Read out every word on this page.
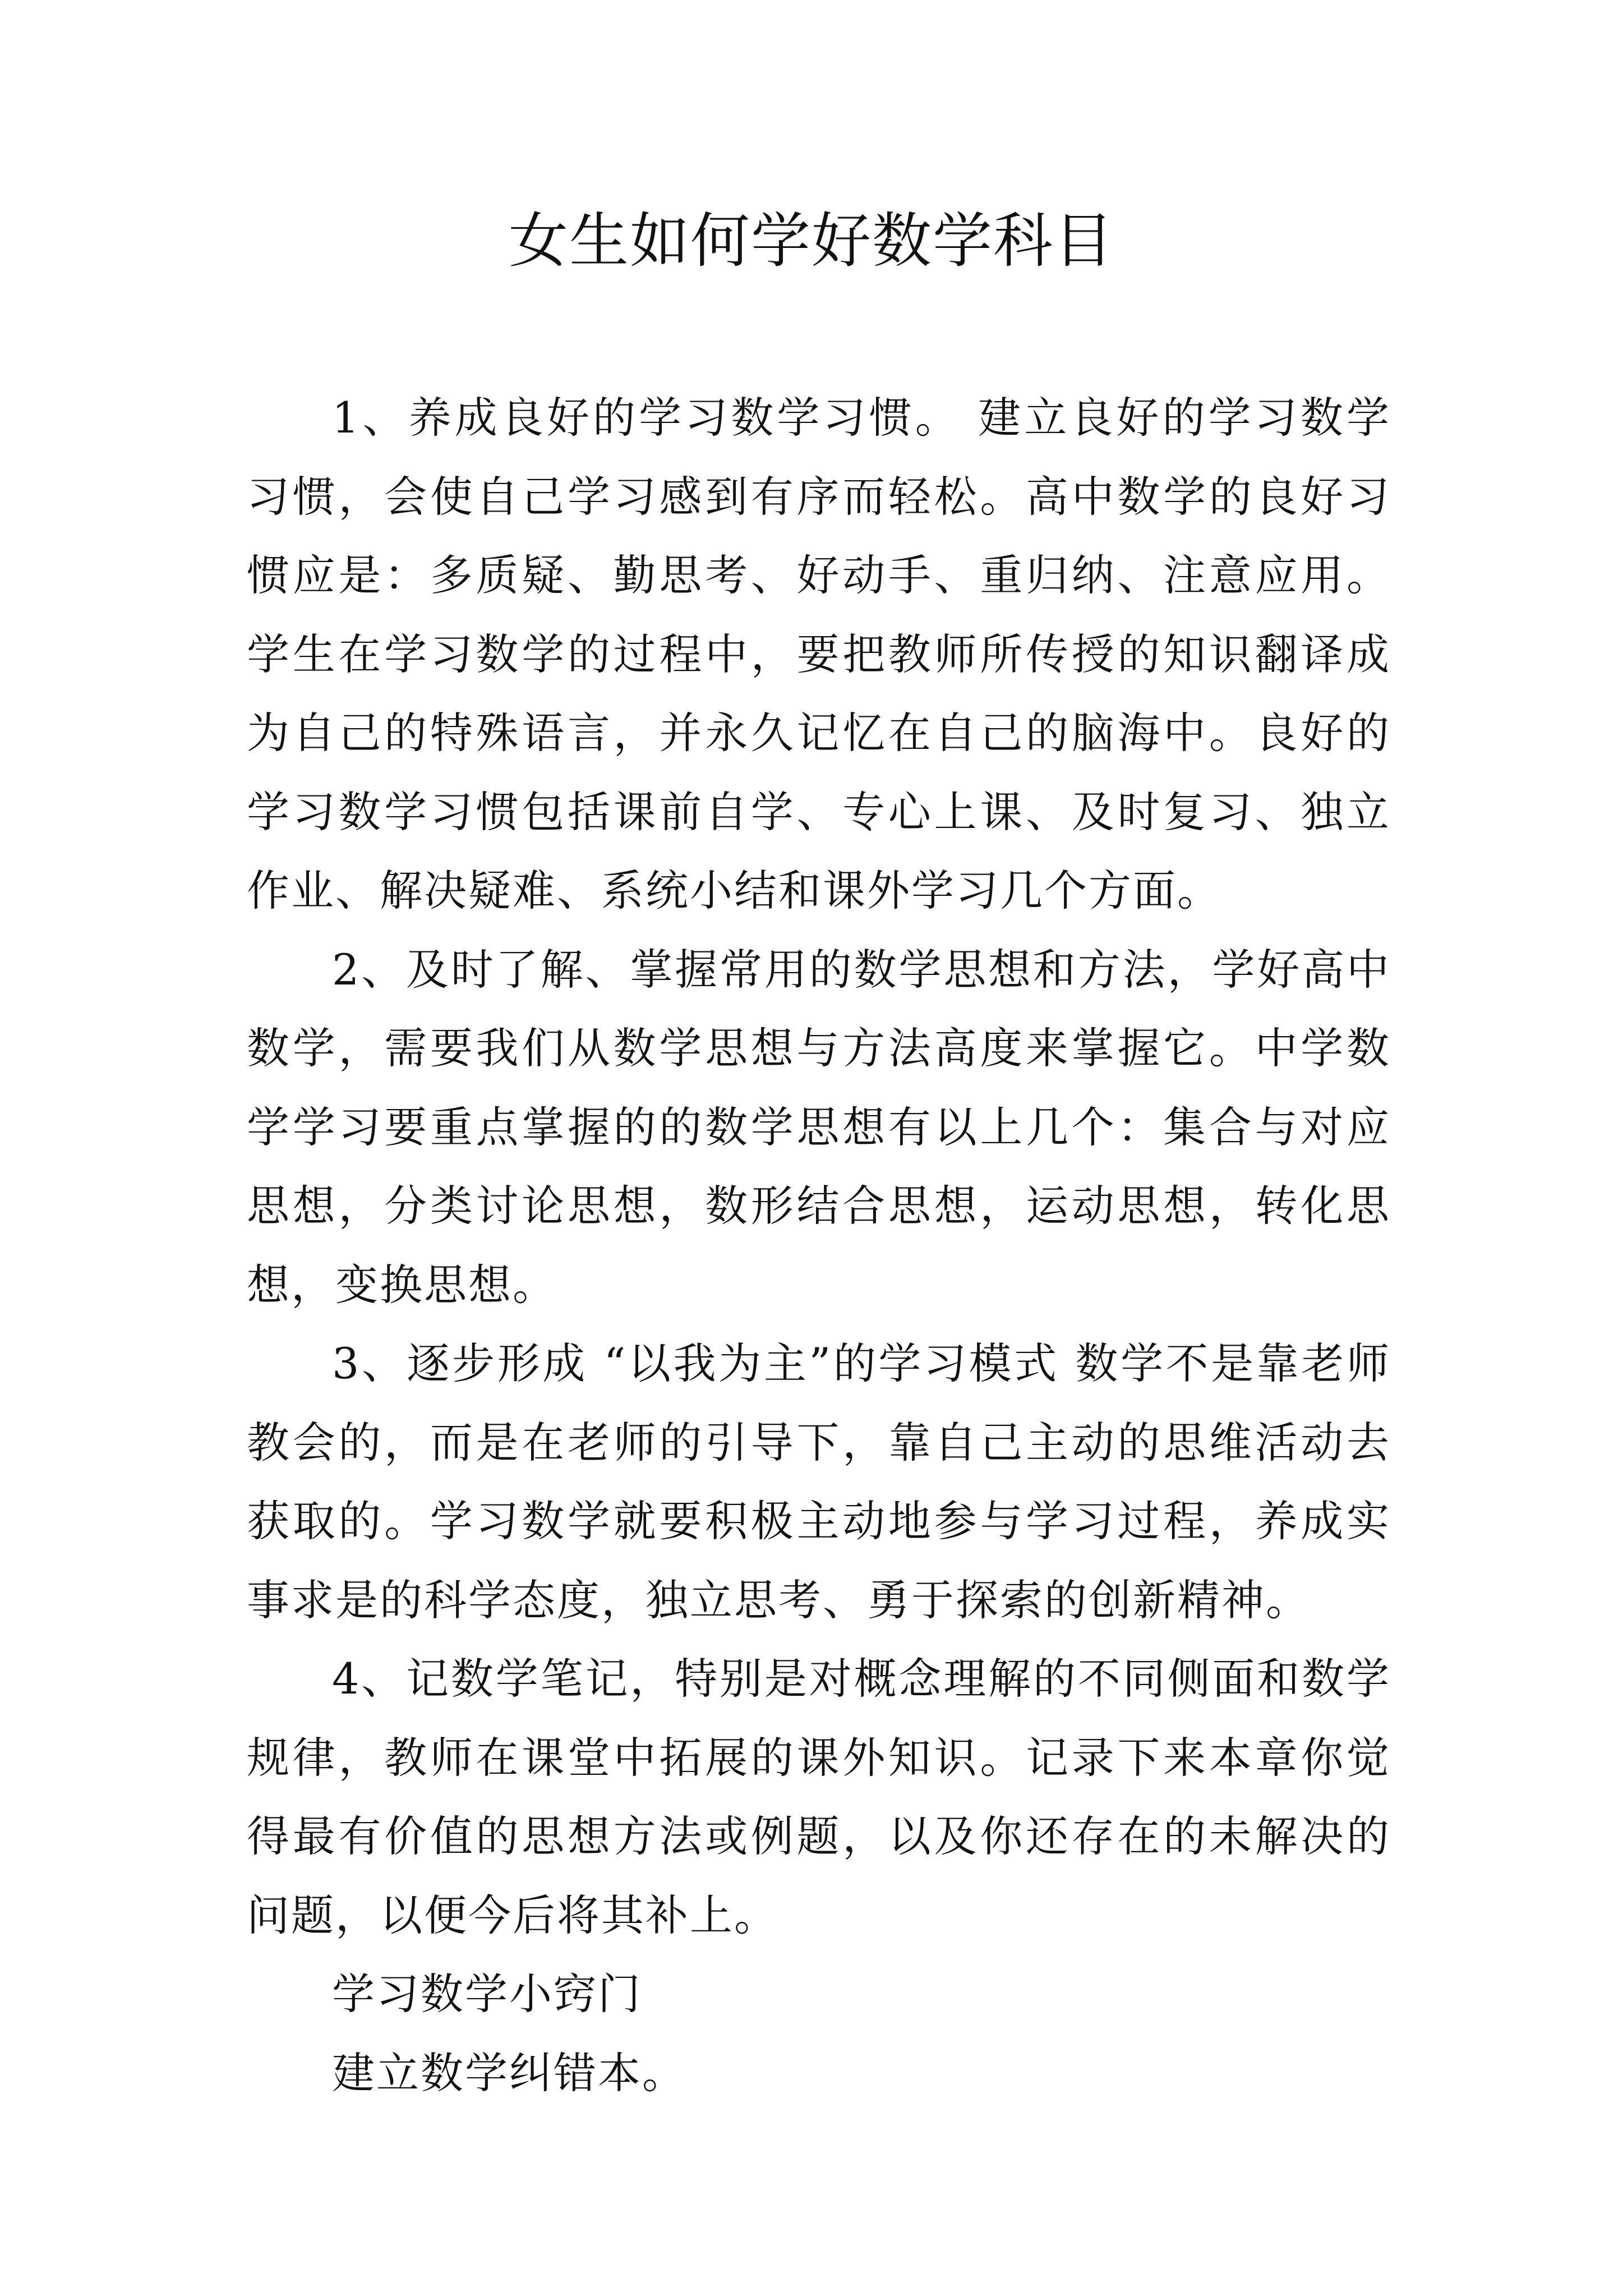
女生如何学好数学科目

1、养成良好的学习数学习惯。 建立良好的学习数学习惯，会使自己学习感到有序而轻松。高中数学的良好习惯应是：多质疑、勤思考、好动手、重归纳、注意应用。学生在学习数学的过程中，要把教师所传授的知识翻译成为自己的特殊语言，并永久记忆在自己的脑海中。良好的学习数学习惯包括课前自学、专心上课、及时复习、独立作业、解决疑难、系统小结和课外学习几个方面。

2、及时了解、掌握常用的数学思想和方法，学好高中数学，需要我们从数学思想与方法高度来掌握它。中学数学学习要重点掌握的的数学思想有以上几个：集合与对应思想，分类讨论思想，数形结合思想，运动思想，转化思想，变换思想。

3、逐步形成 “以我为主”的学习模式 数学不是靠老师教会的，而是在老师的引导下，靠自己主动的思维活动去获取的。学习数学就要积极主动地参与学习过程，养成实事求是的科学态度，独立思考、勇于探索的创新精神。

4、记数学笔记，特别是对概念理解的不同侧面和数学规律，教师在课堂中拓展的课外知识。记录下来本章你觉得最有价值的思想方法或例题，以及你还存在的未解决的问题，以便今后将其补上。

学习数学小窍门

建立数学纠错本。
